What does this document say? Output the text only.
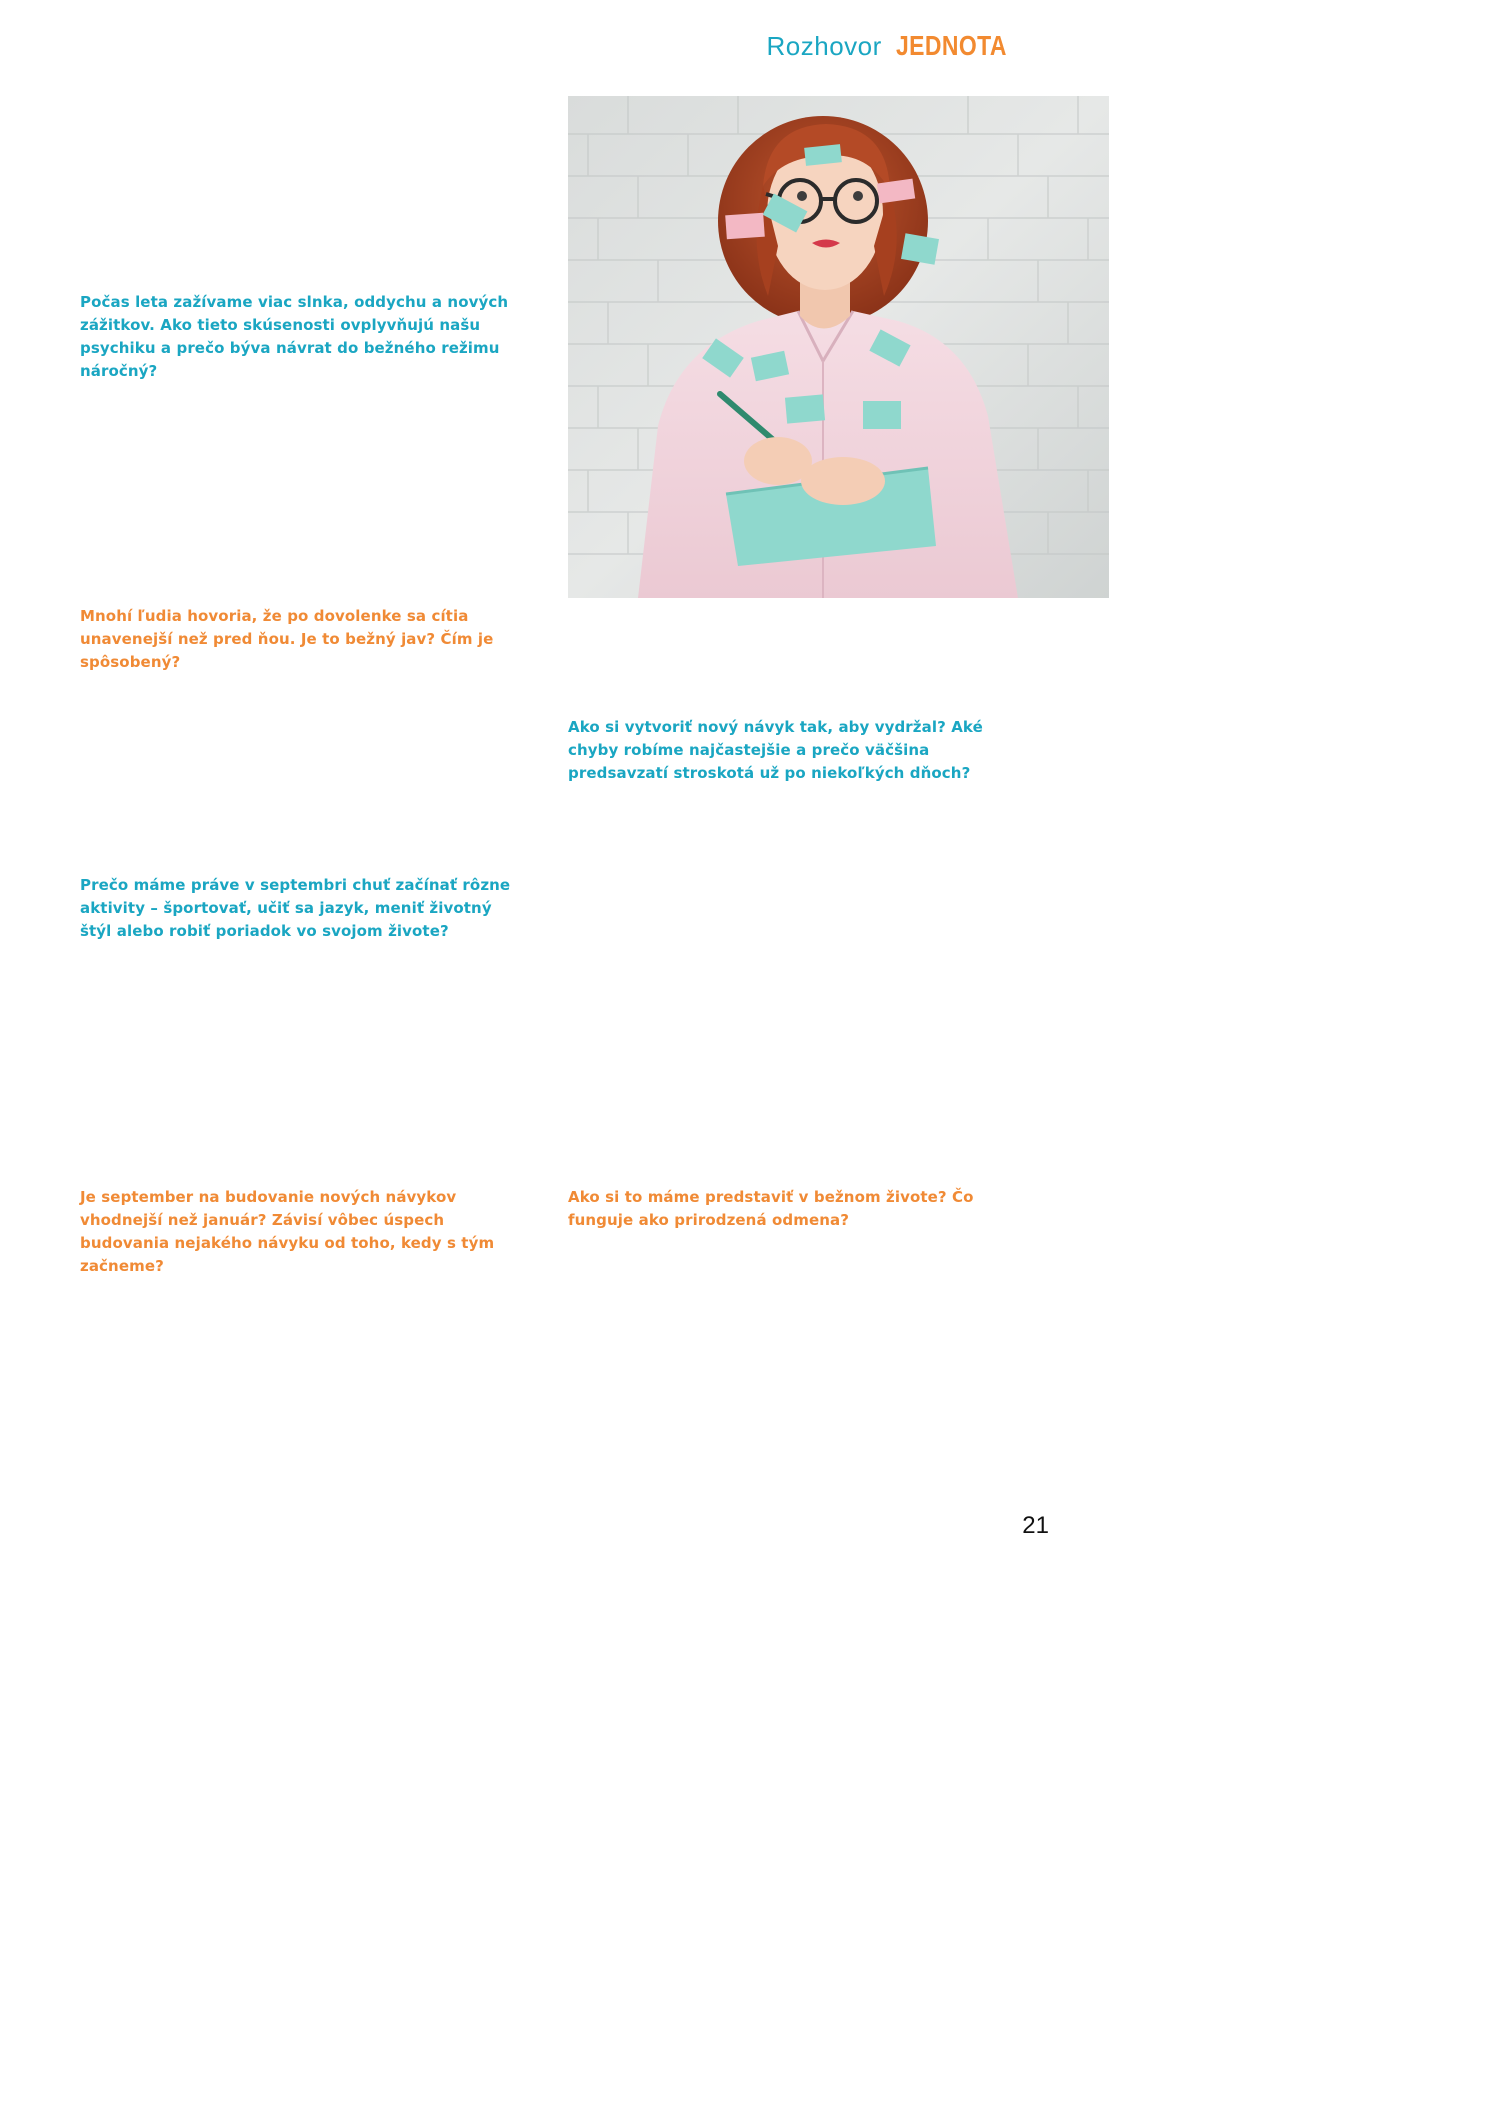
Rozhovor JEDNOTA

Počas leta zažívame viac slnka, oddychu a nových zážitkov. Ako tieto skúsenosti ovplyvňujú našu psychiku a prečo býva návrat do bežného režimu náročný?

Mnohí ľudia hovoria, že po dovolenke sa cítia unavenejší než pred ňou. Je to bežný jav? Čím je spôsobený?

Ako si vytvoriť nový návyk tak, aby vydržal? Aké chyby robíme najčastejšie a prečo väčšina predsavzatí stroskotá už po niekoľkých dňoch?

Prečo máme práve v septembri chuť začínať rôzne aktivity – športovať, učiť sa jazyk, meniť životný štýl alebo robiť poriadok vo svojom živote?

Je september na budovanie nových návykov vhodnejší než január? Závisí vôbec úspech budovania nejakého návyku od toho, kedy s tým začneme?

Ako si to máme predstaviť v bežnom živote? Čo funguje ako prirodzená odmena?

21
